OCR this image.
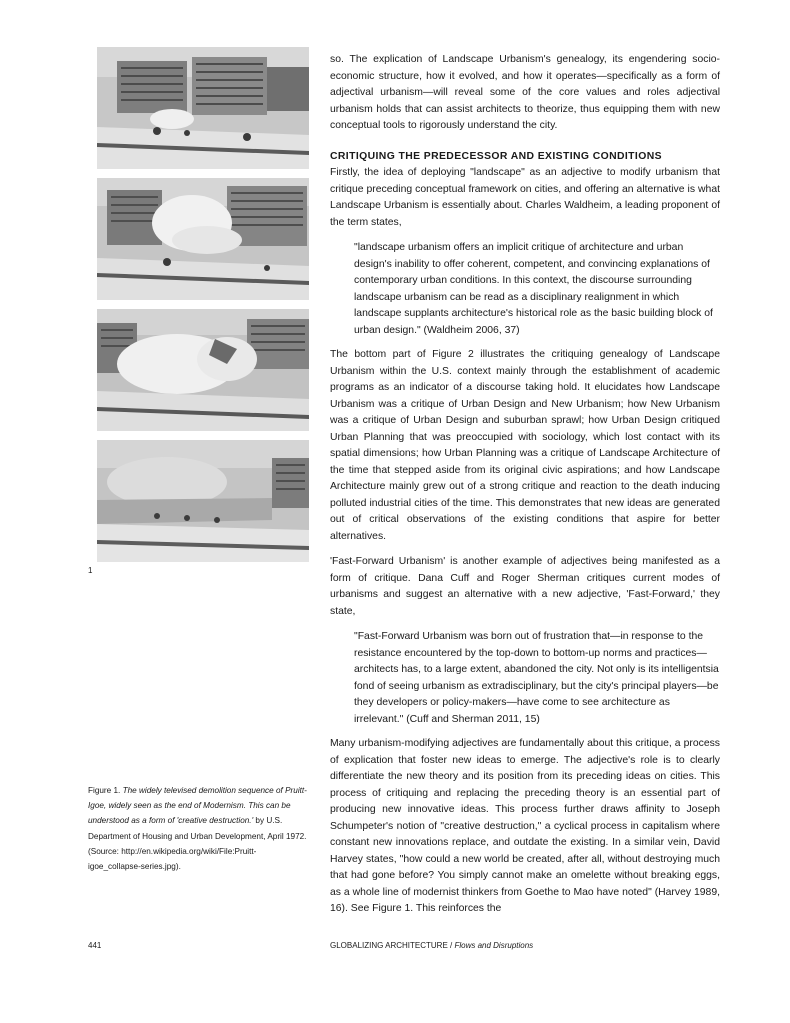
1
Figure 1. The widely televised demolition sequence of Pruitt-Igoe, widely seen as the end of Modernism. This can be understood as a form of 'creative destruction.' by U.S. Department of Housing and Urban Development, April 1972. (Source: http://en.wikipedia.org/wiki/File:Pruitt-igoe_collapse-series.jpg).

so. The explication of Landscape Urbanism's genealogy, its engendering socio-economic structure, how it evolved, and how it operates—specifically as a form of adjectival urbanism—will reveal some of the core values and roles adjectival urbanism holds that can assist architects to theorize, thus equipping them with new conceptual tools to rigorously understand the city.

CRITIQUING THE PREDECESSOR AND EXISTING CONDITIONS

Firstly, the idea of deploying "landscape" as an adjective to modify urbanism that critique preceding conceptual framework on cities, and offering an alternative is what Landscape Urbanism is essentially about. Charles Waldheim, a leading proponent of the term states,

"landscape urbanism offers an implicit critique of architecture and urban design's inability to offer coherent, competent, and convincing explanations of contemporary urban conditions. In this context, the discourse surrounding landscape urbanism can be read as a disciplinary realignment in which landscape supplants architecture's historical role as the basic building block of urban design." (Waldheim 2006, 37)

The bottom part of Figure 2 illustrates the critiquing genealogy of Landscape Urbanism within the U.S. context mainly through the establishment of academic programs as an indicator of a discourse taking hold. It elucidates how Landscape Urbanism was a critique of Urban Design and New Urbanism; how New Urbanism was a critique of Urban Design and suburban sprawl; how Urban Design critiqued Urban Planning that was preoccupied with sociology, which lost contact with its spatial dimensions; how Urban Planning was a critique of Landscape Architecture of the time that stepped aside from its original civic aspirations; and how Landscape Architecture mainly grew out of a strong critique and reaction to the death inducing polluted industrial cities of the time. This demonstrates that new ideas are generated out of critical observations of the existing conditions that aspire for better alternatives.

'Fast-Forward Urbanism' is another example of adjectives being manifested as a form of critique. Dana Cuff and Roger Sherman critiques current modes of urbanisms and suggest an alternative with a new adjective, 'Fast-Forward,' they state,

"Fast-Forward Urbanism was born out of frustration that—in response to the resistance encountered by the top-down to bottom-up norms and practices—architects has, to a large extent, abandoned the city. Not only is its intelligentsia fond of seeing urbanism as extradisciplinary, but the city's principal players—be they developers or policy-makers—have come to see architecture as irrelevant." (Cuff and Sherman 2011, 15)

Many urbanism-modifying adjectives are fundamentally about this critique, a process of explication that foster new ideas to emerge. The adjective's role is to clearly differentiate the new theory and its position from its preceding ideas on cities. This process of critiquing and replacing the preceding theory is an essential part of producing new innovative ideas. This process further draws affinity to Joseph Schumpeter's notion of "creative destruction," a cyclical process in capitalism where constant new innovations replace, and outdate the existing. In a similar vein, David Harvey states, "how could a new world be created, after all, without destroying much that had gone before? You simply cannot make an omelette without breaking eggs, as a whole line of modernist thinkers from Goethe to Mao have noted" (Harvey 1989, 16). See Figure 1. This reinforces the

441	GLOBALIZING ARCHITECTURE / Flows and Disruptions
